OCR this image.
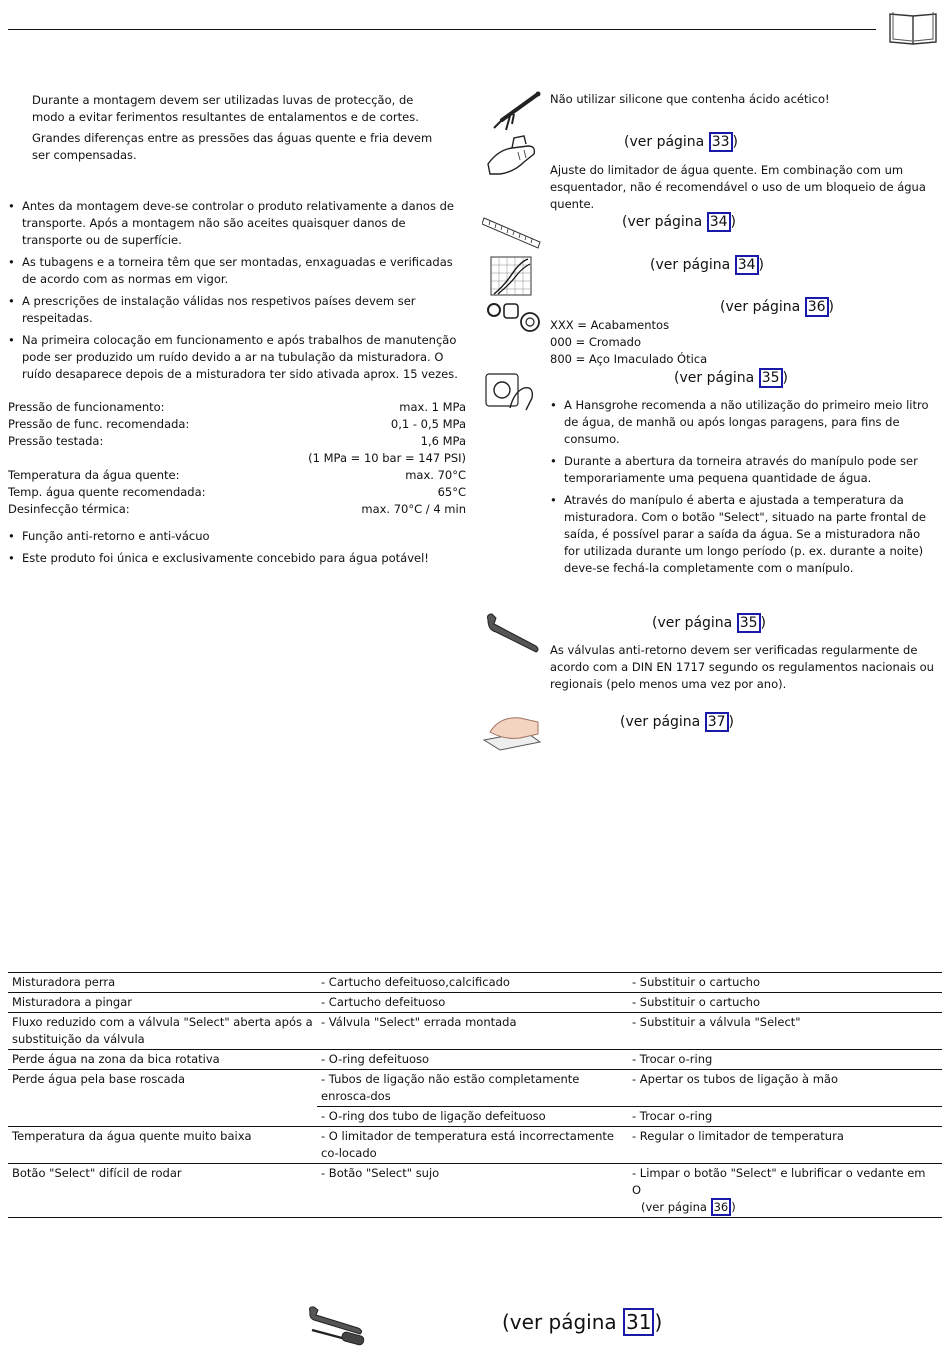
Durante a montagem devem ser utilizadas luvas de protecção, de modo a evitar ferimentos resultantes de entalamentos e de cortes.

Grandes diferenças entre as pressões das águas quente e fria devem ser compensadas.

• Antes da montagem deve-se controlar o produto relativamente a danos de transporte. Após a montagem não são aceites quaisquer danos de transporte ou de superfície.
• As tubagens e a torneira têm que ser montadas, enxaguadas e verificadas de acordo com as normas em vigor.
• A prescrições de instalação válidas nos respetivos países devem ser respeitadas.
• Na primeira colocação em funcionamento e após trabalhos de manutenção pode ser produzido um ruído devido a ar na tubulação da misturadora. O ruído desaparece depois de a misturadora ter sido ativada aprox. 15 vezes.
Pressão de funcionamento:	max. 1 MPa
Pressão de func. recomendada:	0,1 - 0,5 MPa
Pressão testada:	1,6 MPa
(1 MPa = 10 bar = 147 PSI)
Temperatura da água quente:	max. 70°C
Temp. água quente recomendada:	65°C
Desinfecção térmica:	max. 70°C / 4 min
• Função anti-retorno e anti-vácuo
• Este produto foi única e exclusivamente concebido para água potável!
Não utilizar silicone que contenha ácido acético!
(ver página 33 )
Ajuste do limitador de água quente. Em combinação com um esquentador, não é recomendável o uso de um bloqueio de água quente.
(ver página 34 )
(ver página 34 )
(ver página 36 )
XXX = Acabamentos
000 = Cromado
800 = Aço Imaculado Ótica
(ver página 35 )
• A Hansgrohe recomenda a não utilização do primeiro meio litro de água, de manhã ou após longas paragens, para fins de consumo.
• Durante a abertura da torneira através do manípulo pode ser temporariamente uma pequena quantidade de água.
• Através do manípulo é aberta e ajustada a temperatura da misturadora. Com o botão "Select", situado na parte frontal de saída, é possível parar a saída da água. Se a misturadora não for utilizada durante um longo período (p. ex. durante a noite) deve-se fechá-la completamente com o manípulo.
(ver página 35 )
As válvulas anti-retorno devem ser verificadas regularmente de acordo com a DIN EN 1717 segundo os regulamentos nacionais ou regionais (pelo menos uma vez por ano).
(ver página 37 )
Misturadora perra	- Cartucho defeituoso,calcificado	- Substituir o cartucho
Misturadora a pingar	- Cartucho defeituoso	- Substituir o cartucho
Fluxo reduzido com a válvula "Select" aberta após a substituição da válvula	- Válvula "Select" errada montada	- Substituir a válvula "Select"
Perde água na zona da bica rotativa	- O-ring defeituoso	- Trocar o-ring
Perde água pela base roscada	- Tubos de ligação não estão completamente enrosca-dos	- Apertar os tubos de ligação à mão
	- O-ring dos tubo de ligação defeituoso	- Trocar o-ring
Temperatura da água quente muito baixa	- O limitador de temperatura está incorrectamente co-locado	- Regular o limitador de temperatura
Botão "Select" difícil de rodar	- Botão "Select" sujo	- Limpar o botão "Select" e lubrificar o vedante em O
(ver página 36 )
(ver página 31 )
